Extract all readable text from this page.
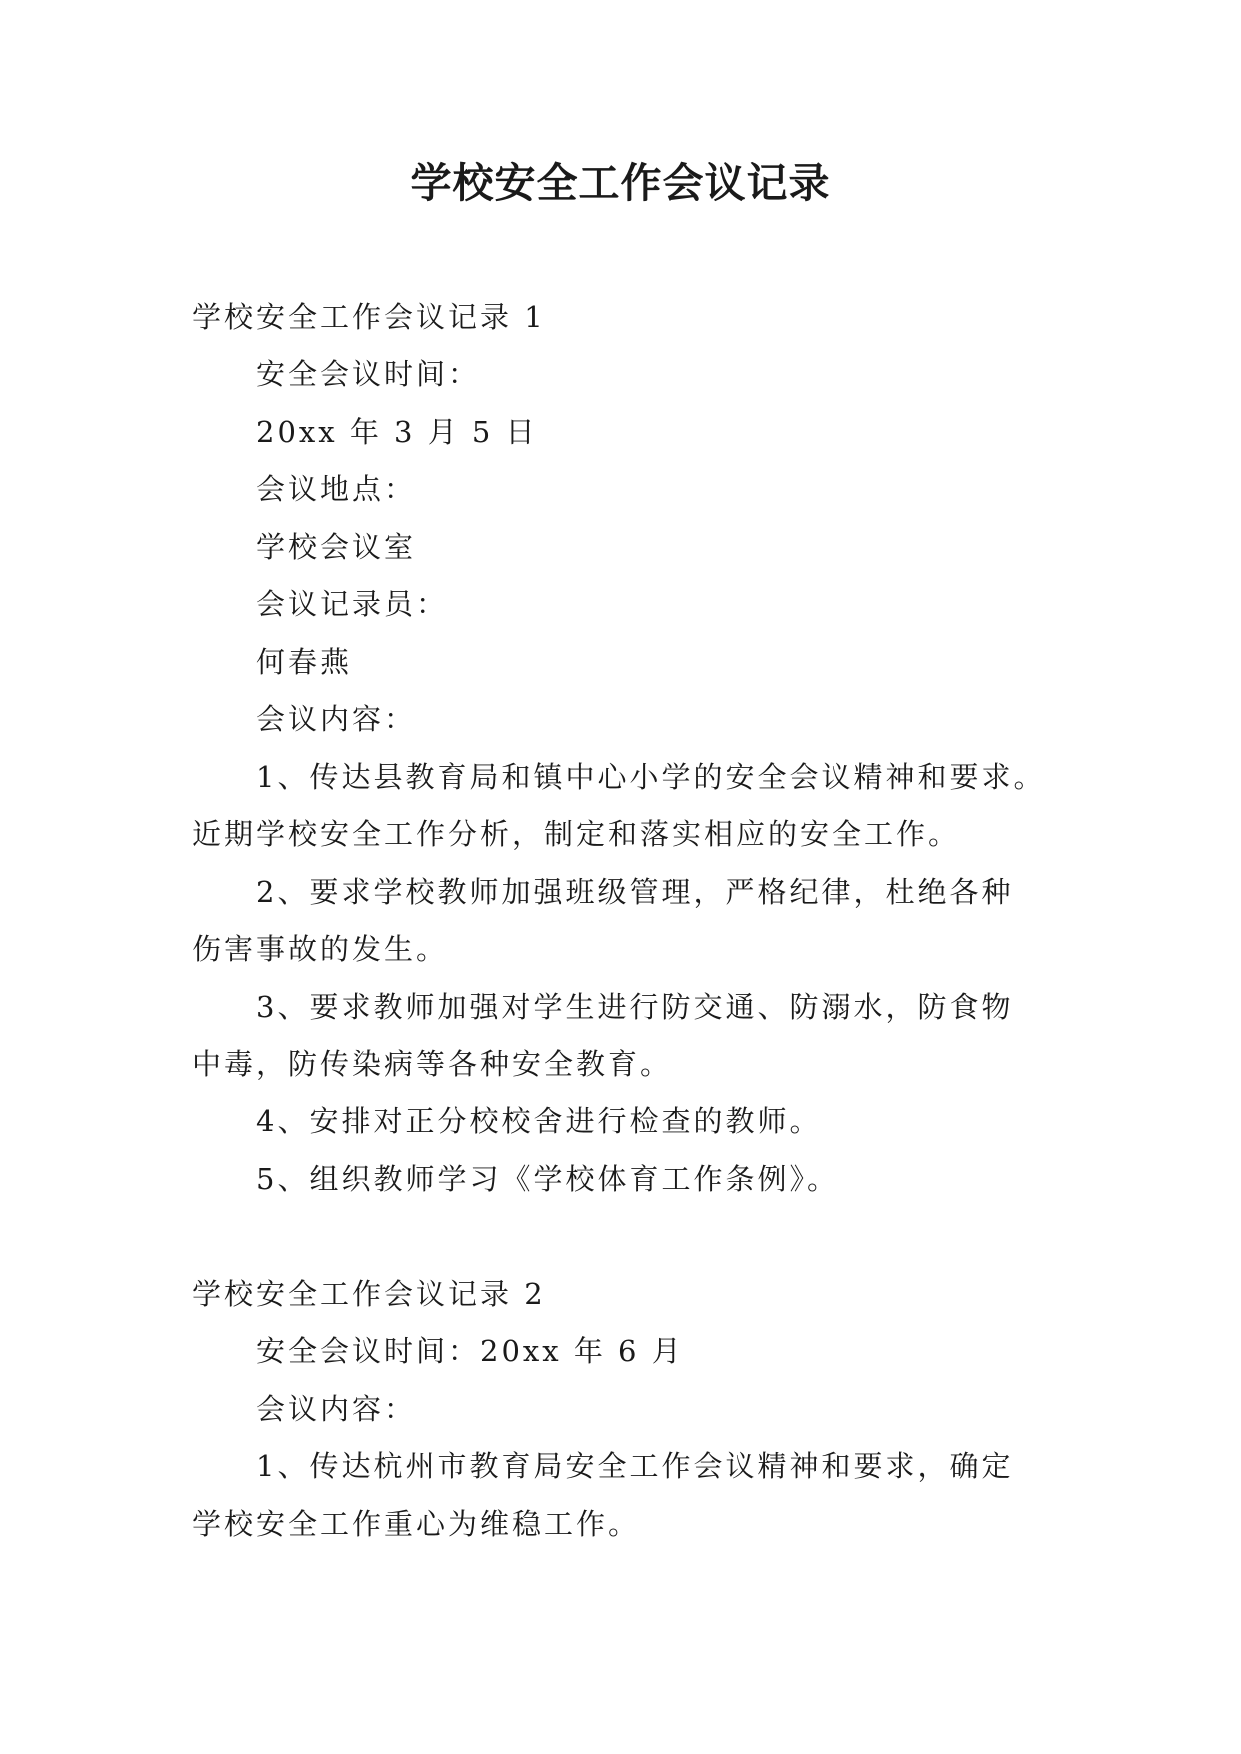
学校安全工作会议记录
学校安全工作会议记录 1
安全会议时间：
20xx 年 3 月 5 日
会议地点：
学校会议室
会议记录员：
何春燕
会议内容：
1、传达县教育局和镇中心小学的安全会议精神和要求。
近期学校安全工作分析，制定和落实相应的安全工作。
2、要求学校教师加强班级管理，严格纪律，杜绝各种
伤害事故的发生。
3、要求教师加强对学生进行防交通、防溺水，防食物
中毒，防传染病等各种安全教育。
4、安排对正分校校舍进行检查的教师。
5、组织教师学习《学校体育工作条例》。
学校安全工作会议记录 2
安全会议时间：20xx 年 6 月
会议内容：
1、传达杭州市教育局安全工作会议精神和要求，确定
学校安全工作重心为维稳工作。
